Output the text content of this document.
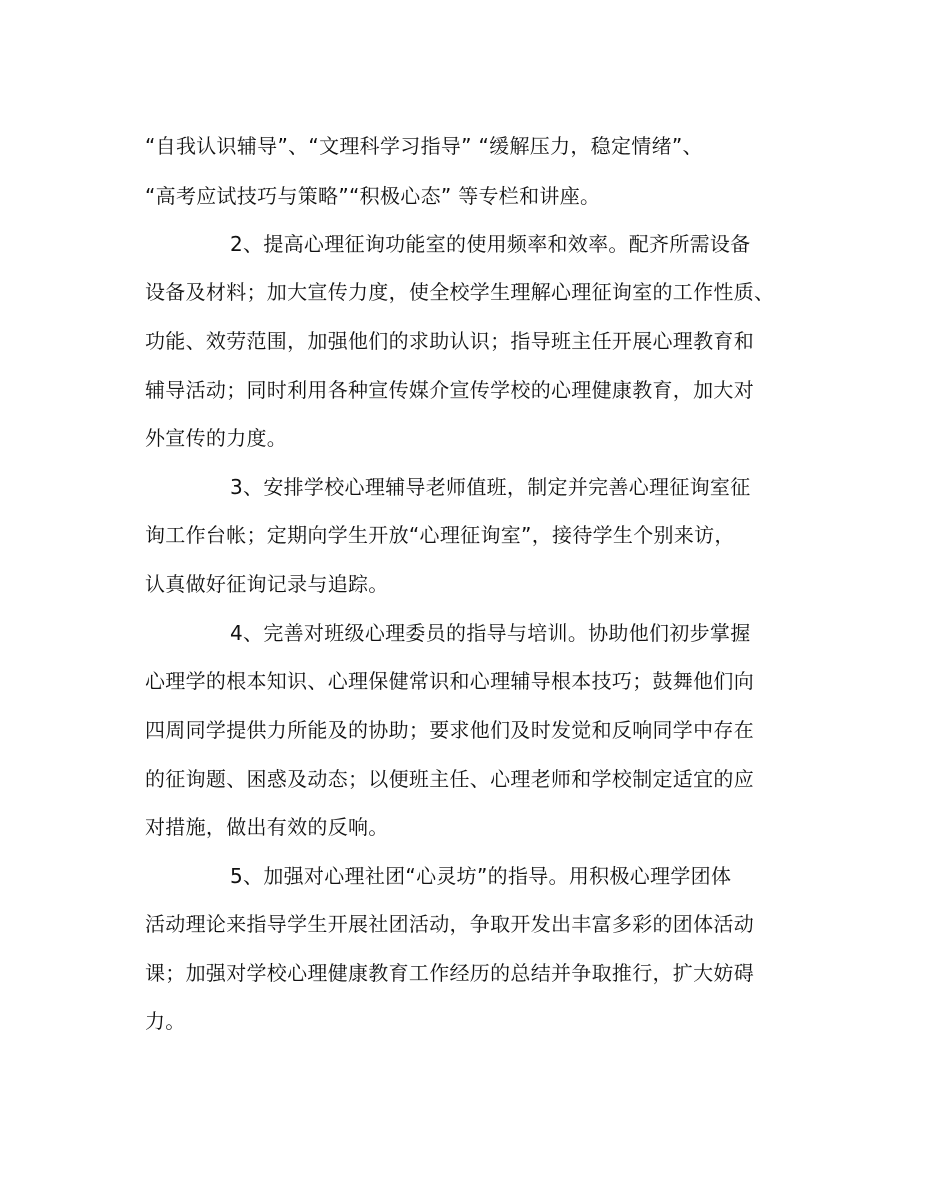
“自我认识辅导”、“文理科学习指导” “缓解压力，稳定情绪”、
“高考应试技巧与策略”“积极心态” 等专栏和讲座。
2、提高心理征询功能室的使用频率和效率。配齐所需设备
设备及材料；加大宣传力度，使全校学生理解心理征询室的工作性质、
功能、效劳范围，加强他们的求助认识；指导班主任开展心理教育和
辅导活动；同时利用各种宣传媒介宣传学校的心理健康教育，加大对
外宣传的力度。
3、安排学校心理辅导老师值班，制定并完善心理征询室征
询工作台帐；定期向学生开放“心理征询室”，接待学生个别来访，
认真做好征询记录与追踪。
4、完善对班级心理委员的指导与培训。协助他们初步掌握
心理学的根本知识、心理保健常识和心理辅导根本技巧；鼓舞他们向
四周同学提供力所能及的协助；要求他们及时发觉和反响同学中存在
的征询题、困惑及动态；以便班主任、心理老师和学校制定适宜的应
对措施，做出有效的反响。
5、加强对心理社团“心灵坊”的指导。用积极心理学团体
活动理论来指导学生开展社团活动，争取开发出丰富多彩的团体活动
课；加强对学校心理健康教育工作经历的总结并争取推行，扩大妨碍
力。
